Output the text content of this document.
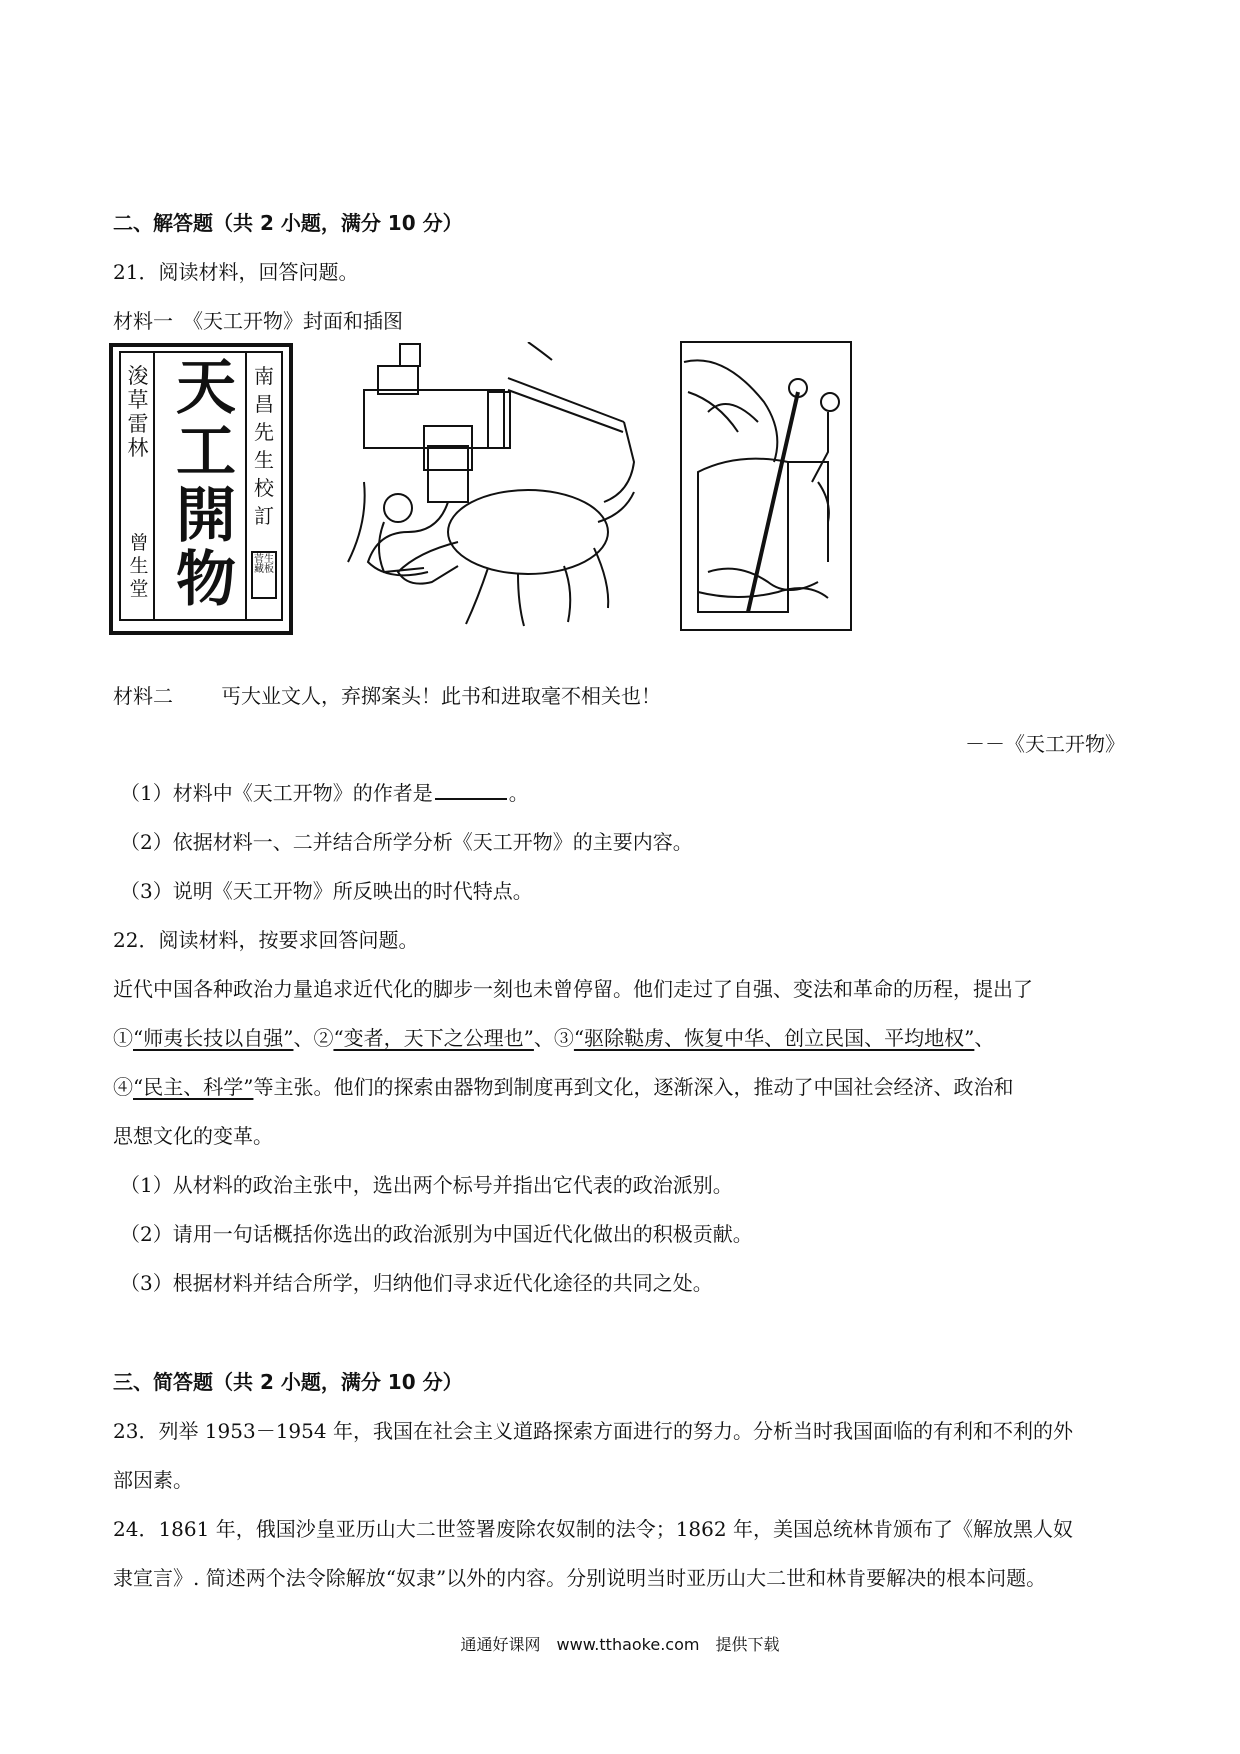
二、解答题（共 2 小题，满分 10 分）
21．阅读材料，回答问题。
材料一　《天工开物》封面和插图
天
工
開
物
浚草雷林
曾生堂
南昌先生校訂
菅生藏板
材料二 丐大业文人，弃掷案头！此书和进取毫不相关也！
－－《天工开物》
（1）材料中《天工开物》的作者是	。
（2）依据材料一、二并结合所学分析《天工开物》的主要内容。
（3）说明《天工开物》所反映出的时代特点。
22．阅读材料，按要求回答问题。
近代中国各种政治力量追求近代化的脚步一刻也未曾停留。他们走过了自强、变法和革命的历程，提出了
①“师夷长技以自强”、②“变者，天下之公理也”、③“驱除鞑虏、恢复中华、创立民国、平均地权”、
④“民主、科学”等主张。他们的探索由器物到制度再到文化，逐渐深入，推动了中国社会经济、政治和
思想文化的变革。
（1）从材料的政治主张中，选出两个标号并指出它代表的政治派别。
（2）请用一句话概括你选出的政治派别为中国近代化做出的积极贡献。
（3）根据材料并结合所学，归纳他们寻求近代化途径的共同之处。
三、简答题（共 2 小题，满分 10 分）
23．列举 1953－1954 年，我国在社会主义道路探索方面进行的努力。分析当时我国面临的有利和不利的外
部因素。
24．1861 年，俄国沙皇亚历山大二世签署废除农奴制的法令；1862 年，美国总统林肯颁布了《解放黑人奴
隶宣言》. 简述两个法令除解放“奴隶”以外的内容。分别说明当时亚历山大二世和林肯要解决的根本问题。
通通好课网　www.tthaoke.com　提供下载
